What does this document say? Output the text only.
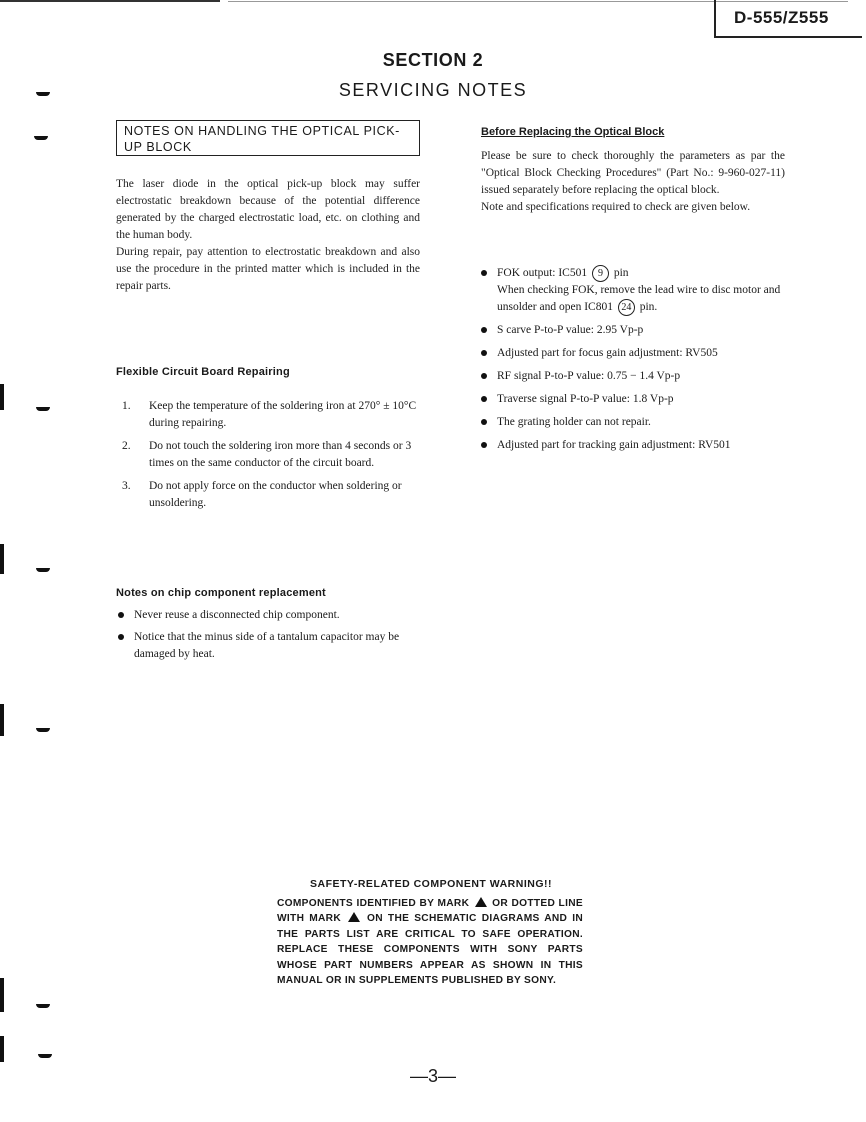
D-555/Z555
SECTION 2
SERVICING NOTES
NOTES ON HANDLING THE OPTICAL PICK-UP BLOCK
The laser diode in the optical pick-up block may suffer electrostatic breakdown because of the potential difference generated by the charged electrostatic load, etc. on clothing and the human body.
During repair, pay attention to electrostatic breakdown and also use the procedure in the printed matter which is included in the repair parts.
Flexible Circuit Board Repairing
1. Keep the temperature of the soldering iron at 270° ± 10°C during repairing.
2. Do not touch the soldering iron more than 4 seconds or 3 times on the same conductor of the circuit board.
3. Do not apply force on the conductor when soldering or unsoldering.
Notes on chip component replacement
Never reuse a disconnected chip component.
Notice that the minus side of a tantalum capacitor may be damaged by heat.
Before Replacing the Optical Block
Please be sure to check thoroughly the parameters as par the "Optical Block Checking Procedures" (Part No.: 9-960-027-11) issued separately before replacing the optical block.
Note and specifications required to check are given below.
FOK output: IC501 9 pin
When checking FOK, remove the lead wire to disc motor and unsolder and open IC801 24 pin.
S carve P-to-P value: 2.95 Vp-p
Adjusted part for focus gain adjustment: RV505
RF signal P-to-P value: 0.75 − 1.4 Vp-p
Traverse signal P-to-P value: 1.8 Vp-p
The grating holder can not repair.
Adjusted part for tracking gain adjustment: RV501
SAFETY-RELATED COMPONENT WARNING!!
COMPONENTS IDENTIFIED BY MARK OR DOTTED LINE WITH MARK	ON THE SCHEMATIC DIAGRAMS AND IN THE PARTS LIST ARE CRITICAL TO SAFE OPERATION. REPLACE THESE COMPONENTS WITH SONY PARTS WHOSE PART NUMBERS APPEAR AS SHOWN IN THIS MANUAL OR IN SUPPLEMENTS PUBLISHED BY SONY.
—3—
